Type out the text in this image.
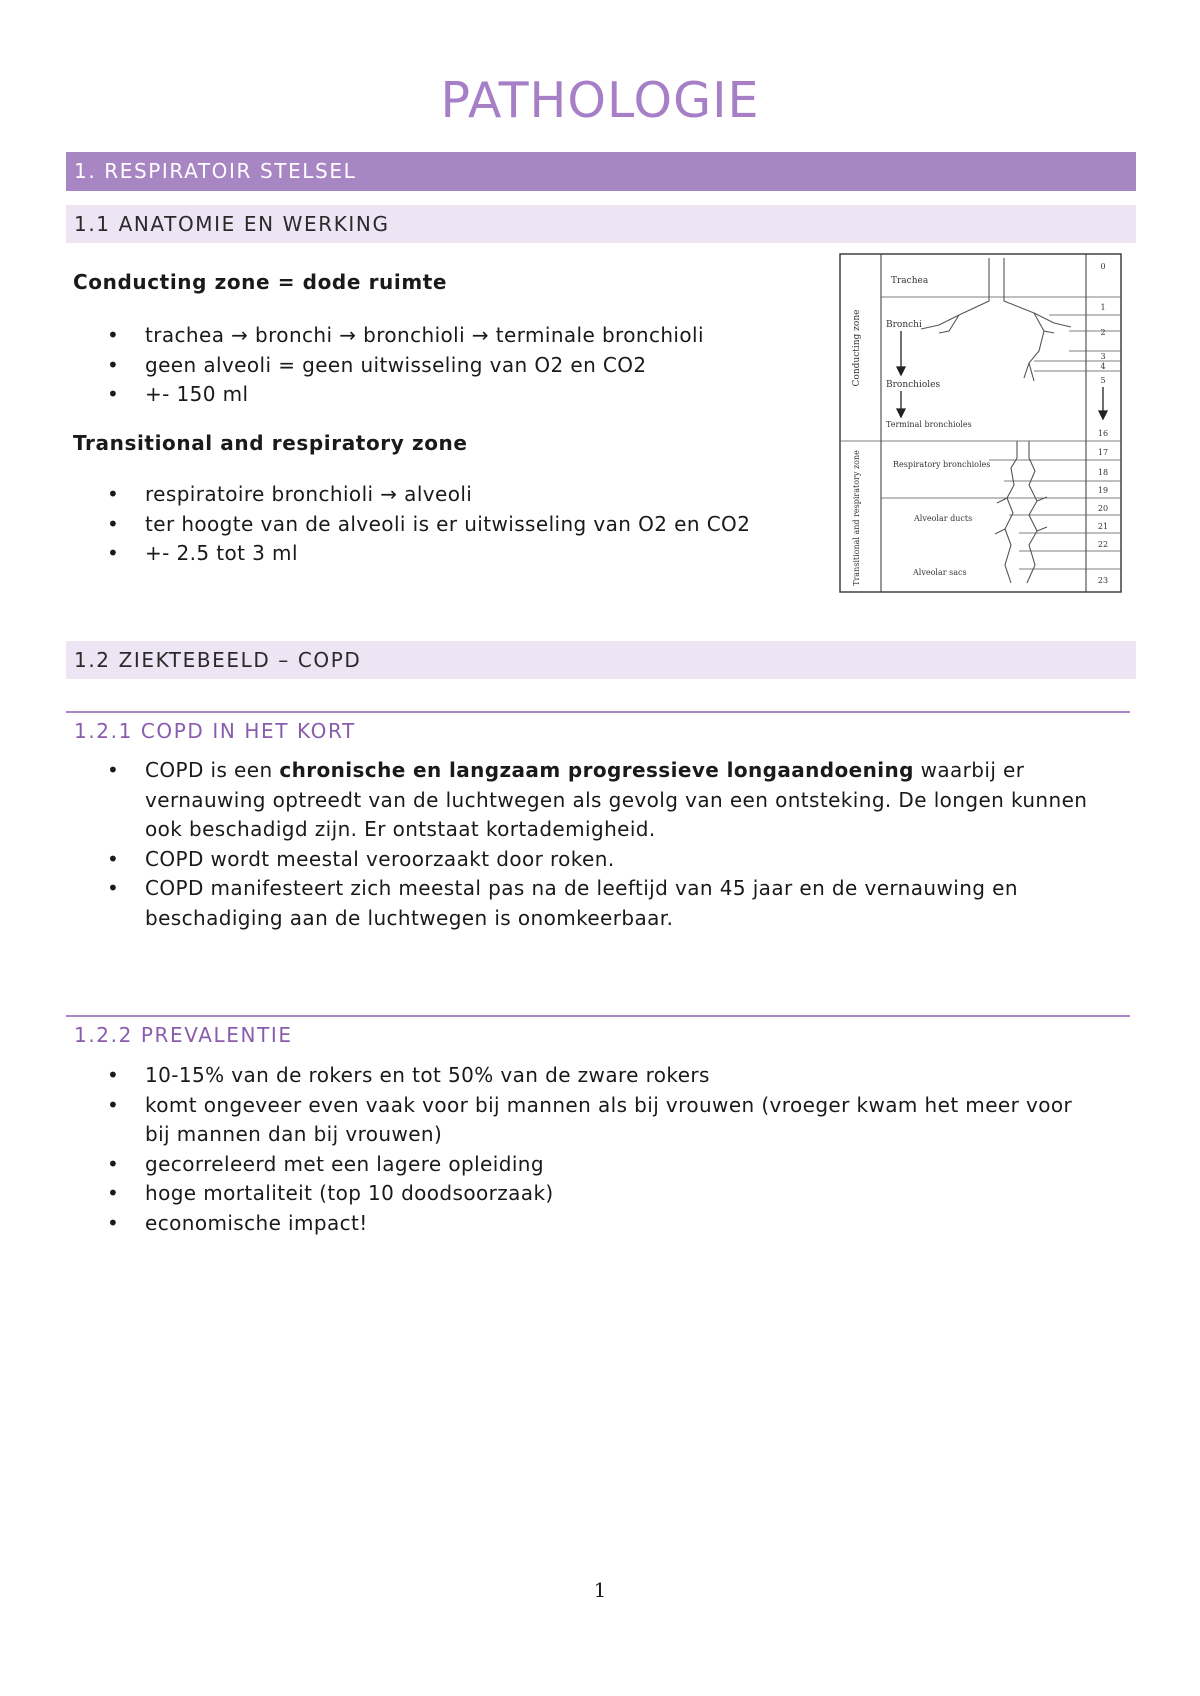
PATHOLOGIE
1. RESPIRATOIR STELSEL
1.1 ANATOMIE EN WERKING
Conducting zone = dode ruimte
• trachea → bronchi → bronchioli → terminale bronchioli
• geen alveoli = geen uitwisseling van O2 en CO2
• +- 150 ml
Transitional and respiratory zone
• respiratoire bronchioli → alveoli
• ter hoogte van de alveoli is er uitwisseling van O2 en CO2
• +- 2.5 tot 3 ml
Conducting zone
Transitional and respiratory zone
Trachea
Bronchi
Bronchioles
Terminal bronchioles
Respiratory bronchioles
Alveolar ducts
Alveolar sacs
0
1
2
3
4
5
16
17
18
19
20
21
22
23
1.2 ZIEKTEBEELD – COPD
1.2.1 COPD IN HET KORT
• COPD is een chronische en langzaam progressieve longaandoening waarbij er vernauwing optreedt van de luchtwegen als gevolg van een ontsteking. De longen kunnen ook beschadigd zijn. Er ontstaat kortademigheid.
• COPD wordt meestal veroorzaakt door roken.
• COPD manifesteert zich meestal pas na de leeftijd van 45 jaar en de vernauwing en beschadiging aan de luchtwegen is onomkeerbaar.
1.2.2 PREVALENTIE
• 10-15% van de rokers en tot 50% van de zware rokers
• komt ongeveer even vaak voor bij mannen als bij vrouwen (vroeger kwam het meer voor bij mannen dan bij vrouwen)
• gecorreleerd met een lagere opleiding
• hoge mortaliteit (top 10 doodsoorzaak)
• economische impact!
1
